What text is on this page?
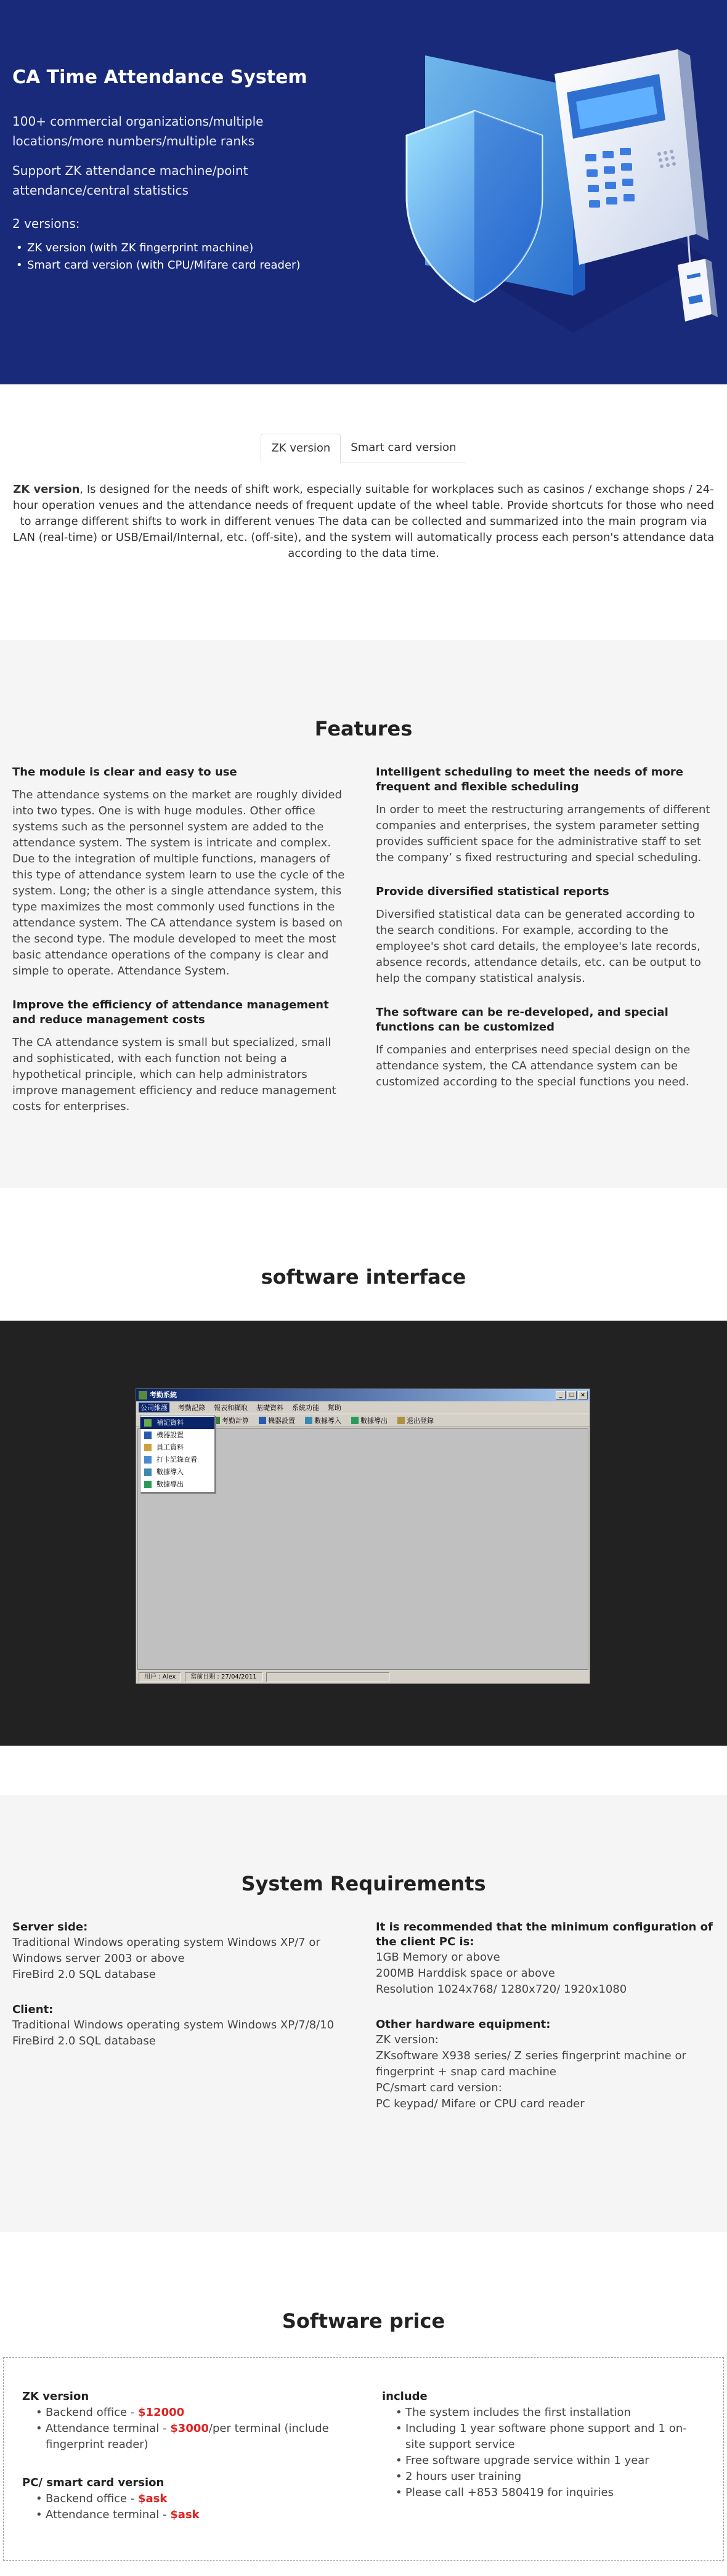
CA Time Attendance System

100+ commercial organizations/multiple locations/more numbers/multiple ranks

Support ZK attendance machine/point attendance/central statistics

2 versions:

• ZK version (with ZK fingerprint machine)
• Smart card version (with CPU/Mifare card reader)
ZK version	Smart card version

ZK version, Is designed for the needs of shift work, especially suitable for workplaces such as casinos / exchange shops / 24-hour operation venues and the attendance needs of frequent update of the wheel table. Provide shortcuts for those who need to arrange different shifts to work in different venues The data can be collected and summarized into the main program via LAN (real-time) or USB/Email/Internal, etc. (off-site), and the system will automatically process each person's attendance data according to the data time.

Features
The module is clear and easy to use

The attendance systems on the market are roughly divided into two types. One is with huge modules. Other office systems such as the personnel system are added to the attendance system. The system is intricate and complex. Due to the integration of multiple functions, managers of this type of attendance system learn to use the cycle of the system. Long; the other is a single attendance system, this type maximizes the most commonly used functions in the attendance system. The CA attendance system is based on the second type. The module developed to meet the most basic attendance operations of the company is clear and simple to operate. Attendance System.

Improve the efficiency of attendance management and reduce management costs

The CA attendance system is small but specialized, small and sophisticated, with each function not being a hypothetical principle, which can help administrators improve management efficiency and reduce management costs for enterprises.

Intelligent scheduling to meet the needs of more frequent and flexible scheduling

In order to meet the restructuring arrangements of different companies and enterprises, the system parameter setting provides sufficient space for the administrative staff to set the company’ s fixed restructuring and special scheduling.

Provide diversified statistical reports

Diversified statistical data can be generated according to the search conditions. For example, according to the employee's shot card details, the employee's late records, absence records, attendance details, etc. can be output to help the company statistical analysis.

The software can be re-developed, and special functions can be customized

If companies and enterprises need special design on the attendance system, the CA attendance system can be customized according to the special functions you need.

software interface
考勤系統	_	□	×
公司維護 考勤記錄 報表和擷取 基礎資料 系統功能 幫助
考勤計算	機器設置	數據導入	數據導出	退出登錄
補記資料
機器設置
員工資料
打卡記錄查看
數據導入
數據導出
用戶 : Alex	當前日期 : 27/04/2011
System Requirements
Server side:
Traditional Windows operating system Windows XP/7 or Windows server 2003 or above
FireBird 2.0 SQL database
Client:
Traditional Windows operating system Windows XP/7/8/10
FireBird 2.0 SQL database
It is recommended that the minimum configuration of the client PC is:
1GB Memory or above
200MB Harddisk space or above
Resolution 1024x768/ 1280x720/ 1920x1080
Other hardware equipment:
ZK version:
ZKsoftware X938 series/ Z series fingerprint machine or fingerprint + snap card machine
PC/smart card version:
PC keypad/ Mifare or CPU card reader
Software price
ZK version
• Backend office - $12000
• Attendance terminal - $3000/per terminal (include fingerprint reader)
PC/ smart card version
• Backend office - $ask
• Attendance terminal - $ask
include
• The system includes the first installation
• Including 1 year software phone support and 1 on-site support service
• Free software upgrade service within 1 year
• 2 hours user training
• Please call +853 580419 for inquiries
